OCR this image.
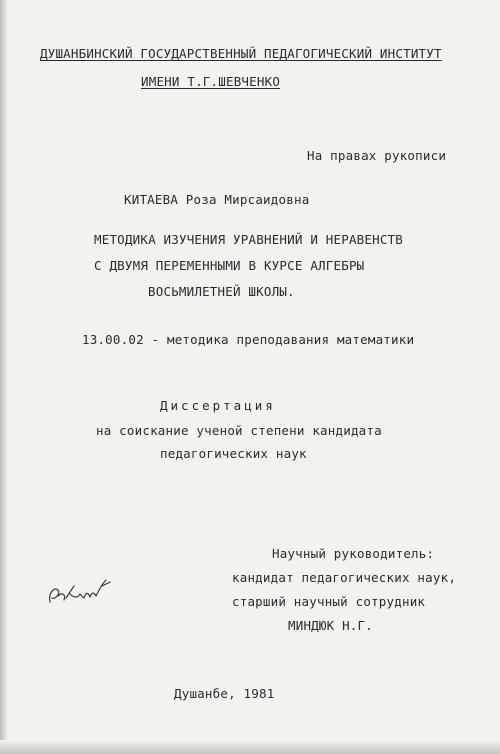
ДУШАНБИНСКИЙ ГОСУДАРСТВЕННЫЙ ПЕДАГОГИЧЕСКИЙ ИНСТИТУТ
ИМЕНИ Т.Г.ШЕВЧЕНКО
На правах рукописи
КИТАЕВА Роза Мирсаидовна
МЕТОДИКА ИЗУЧЕНИЯ УРАВНЕНИЙ И НЕРАВЕНСТВ
С ДВУМЯ ПЕРЕМЕННЫМИ В КУРСЕ АЛГЕБРЫ
ВОСЬМИЛЕТНЕЙ ШКОЛЫ.
13.00.02 - методика преподавания математики
Диссертация
на соискание ученой степени кандидата
педагогических наук
Научный руководитель:
кандидат педагогических наук,
старший научный сотрудник
МИНДЮК Н.Г.
Душанбе, 1981
